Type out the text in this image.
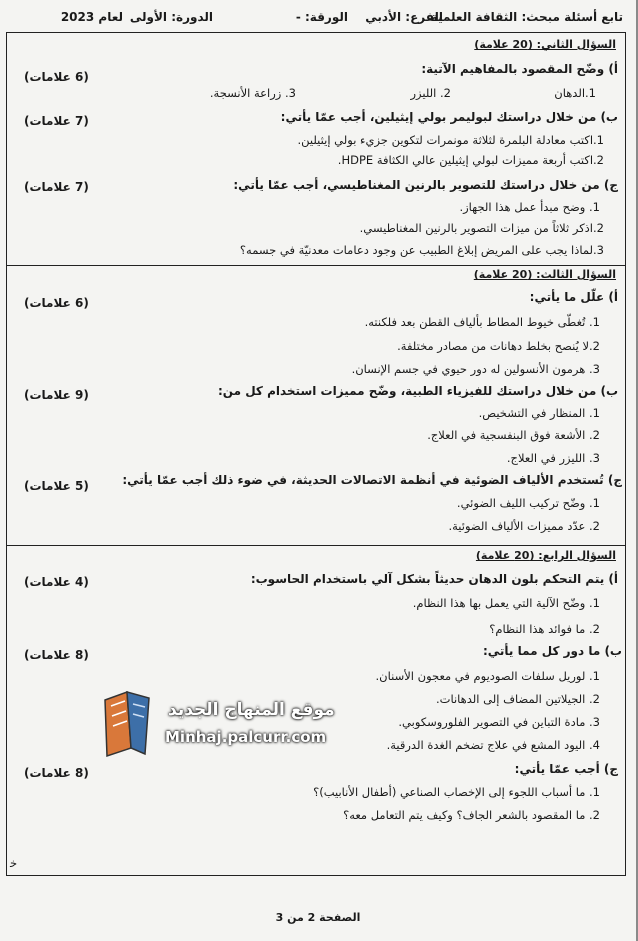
تابع أسئلة مبحث: الثقافة العلمية
الفرع: الأدبي
الورقة: -
الدورة: الأولى
لعام 2023
السؤال الثاني: (20 علامة)
أ) وضّح المقصود بالمفاهيم الآتية:
(6 علامات)
1.الدهان
2. الليزر
3. زراعة الأنسجة.
ب) من خلال دراستك لبوليمر بولي إيثيلين، أجب عمّا يأتي:
(7 علامات)
1.اكتب معادلة البلمرة لثلاثة مونمرات لتكوين جزيء بولي إيثيلين.
2.اكتب أربعة مميزات لبولي إيثيلين عالي الكثافة HDPE.
ج) من خلال دراستك للتصوير بالرنين المغناطيسي، أجب عمّا يأتي:
(7 علامات)
1. وضح مبدأ عمل هذا الجهاز.
2.اذكر ثلاثاً من ميزات التصوير بالرنين المغناطيسي.
3.لماذا يجب على المريض إبلاغ الطبيب عن وجود دعامات معدنيّة في جسمه؟
السؤال الثالث: (20 علامة)
أ) علّل ما يأتي:
(6 علامات)
1. تُغطّى خيوط المطاط بألياف القطن بعد فلكنته.
2.لا يُنصح بخلط دهانات من مصادر مختلفة.
3. هرمون الأنسولين له دور حيوي في جسم الإنسان.
ب) من خلال دراستك للفيزياء الطبية، وضّح مميزات استخدام كل من:
(9 علامات)
1. المنظار في التشخيص.
2. الأشعة فوق البنفسجية في العلاج.
3. الليزر في العلاج.
ج) تُستخدم الألياف الضوئية في أنظمة الاتصالات الحديثة، في ضوء ذلك أجب عمّا يأتي:
(5 علامات)
1. وضّح تركيب الليف الضوئي.
2. عدّد مميزات الألياف الضوئية.
السؤال الرابع: (20 علامة)
أ) يتم التحكم بلون الدهان حديثاً بشكل آلي باستخدام الحاسوب:
(4 علامات)
1. وضّح الآلية التي يعمل بها هذا النظام.
2. ما فوائد هذا النظام؟
ب) ما دور كل مما يأتي:
(8 علامات)
1. لوريل سلفات الصوديوم في معجون الأسنان.
2. الجيلاتين المضاف إلى الدهانات.
3. مادة التباين في التصوير الفلوروسكوبي.
4. اليود المشع في علاج تضخم الغدة الدرقية.
ج) أجب عمّا يأتي:
(8 علامات)
1. ما أسباب اللجوء إلى الإخصاب الصناعي (أطفال الأنابيب)؟
2. ما المقصود بالشعر الجاف؟ وكيف يتم التعامل معه؟
موقع المنهاج الجديد
Minhaj.palcurr.com
ﺧ
الصفحة 2 من 3
